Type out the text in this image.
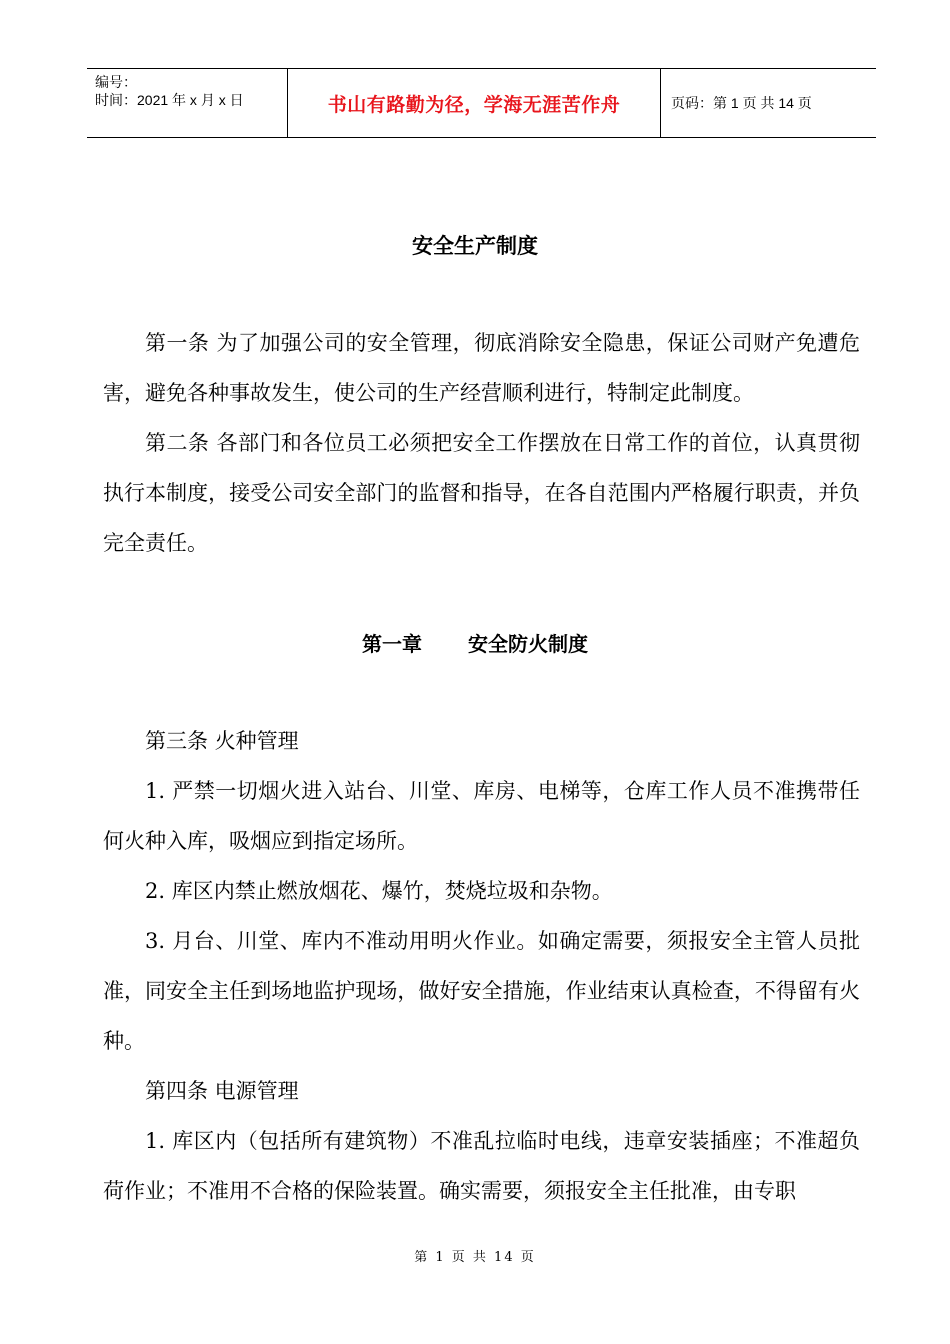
编号：
时间：2021 年 x 月 x 日	书山有路勤为径，学海无涯苦作舟	页码：第 1 页 共 14 页
安全生产制度

第一条 为了加强公司的安全管理，彻底消除安全隐患，保证公司财产免遭危害，避免各种事故发生，使公司的生产经营顺利进行，特制定此制度。

第二条 各部门和各位员工必须把安全工作摆放在日常工作的首位，认真贯彻执行本制度，接受公司安全部门的监督和指导，在各自范围内严格履行职责，并负完全责任。

第一章 安全防火制度

第三条 火种管理

1. 严禁一切烟火进入站台、川堂、库房、电梯等，仓库工作人员不准携带任何火种入库，吸烟应到指定场所。

2. 库区内禁止燃放烟花、爆竹，焚烧垃圾和杂物。

3. 月台、川堂、库内不准动用明火作业。如确定需要，须报安全主管人员批准，同安全主任到场地监护现场，做好安全措施，作业结束认真检查，不得留有火种。

第四条 电源管理

1. 库区内（包括所有建筑物）不准乱拉临时电线，违章安装插座；不准超负荷作业；不准用不合格的保险装置。确实需要，须报安全主任批准，由专职

第 1 页 共 14 页
